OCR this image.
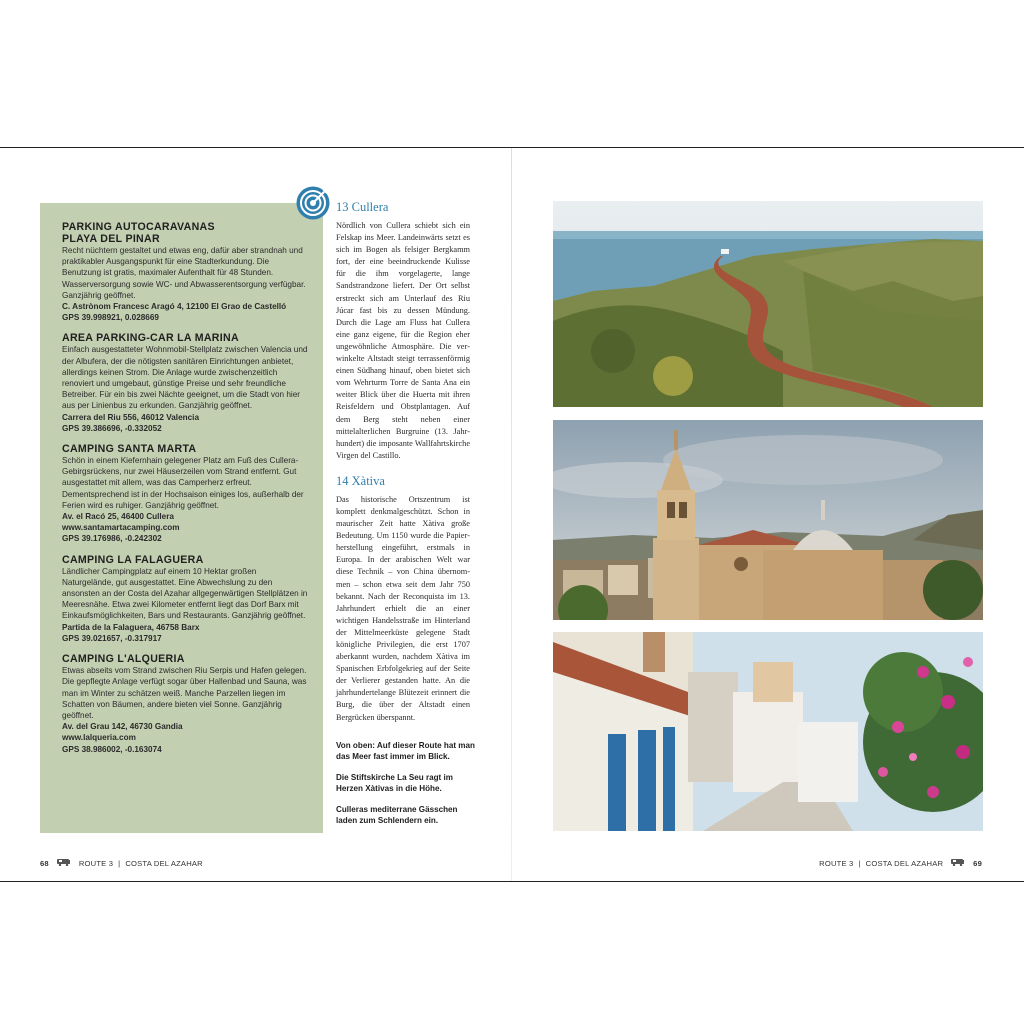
PARKING AUTOCARAVANAS
PLAYA DEL PINAR

Recht nüchtern gestaltet und etwas eng, dafür aber strandnah und praktikabler Ausgangspunkt für eine Stadterkundung. Die Benutzung ist gratis, maximaler Aufenthalt für 48 Stunden. Wasserversorgung sowie WC- und Abwasserentsorgung verfügbar. Ganzjährig geöffnet.

C. Astrònom Francesc Aragó 4, 12100 El Grao de Castelló

GPS 39.998921, 0.028669

AREA PARKING-CAR LA MARINA

Einfach ausgestatteter Wohnmobil-Stellplatz zwischen Valencia und der Albufera, der die nötigsten sanitären Einrichtungen anbietet, allerdings keinen Strom. Die Anlage wurde zwischenzeitlich renoviert und umgebaut, günstige Preise und sehr freundliche Betreiber. Für ein bis zwei Nächte geeignet, um die Stadt von hier aus per Linienbus zu erkunden. Ganzjährig geöffnet.

Carrera del Riu 556, 46012 Valencia

GPS 39.386696, -0.332052

CAMPING SANTA MARTA

Schön in einem Kiefernhain gelegener Platz am Fuß des Cullera-Gebirgsrückens, nur zwei Häuserzeilen vom Strand entfernt. Gut ausgestattet mit allem, was das Camperherz erfreut. Dementsprechend ist in der Hochsaison einiges los, außerhalb der Ferien wird es ruhiger. Ganzjährig geöffnet.

Av. el Racó 25, 46400 Cullera

www.santamartacamping.com

GPS 39.176986, -0.242302

CAMPING LA FALAGUERA

Ländlicher Campingplatz auf einem 10 Hektar großen Naturgelände, gut ausgestattet. Eine Abwechslung zu den ansonsten an der Costa del Azahar allgegenwärtigen Stellplätzen in Meeresnähe. Etwa zwei Kilometer entfernt liegt das Dorf Barx mit Einkaufsmöglichkeiten, Bars und Restaurants. Ganzjährig geöffnet.

Partida de la Falaguera, 46758 Barx

GPS 39.021657, -0.317917

CAMPING L'ALQUERIA

Etwas abseits vom Strand zwischen Riu Serpis und Hafen gelegen. Die gepflegte Anlage verfügt sogar über Hallenbad und Sauna, was man im Winter zu schätzen weiß. Manche Parzellen liegen im Schatten von Bäumen, andere bieten viel Sonne. Ganzjährig geöffnet.

Av. del Grau 142, 46730 Gandia

www.lalqueria.com

GPS 38.986002, -0.163074

13 Cullera

Nördlich von Cullera schiebt sich ein Felskap ins Meer. Landeinwärts setzt es sich im Bogen als felsiger Bergkamm fort, der eine beeindruckende Kulisse für die ihm vorgelagerte, lange Sandstrandzone liefert. Der Ort selbst erstreckt sich am Unterlauf des Riu Júcar fast bis zu dessen Mündung. Durch die Lage am Fluss hat Cullera eine ganz eigene, für die Region eher ungewöhnliche Atmosphäre. Die verwinkelte Altstadt steigt terrassenförmig einen Südhang hinauf, oben bietet sich vom Wehrturm Torre de Santa Ana ein weiter Blick über die Huerta mit ihren Reisfeldern und Obstplantagen. Auf dem Berg steht neben einer mittelalterlichen Burgruine (13. Jahrhundert) die imposante Wallfahrtskirche Virgen del Castillo.

14 Xàtiva

Das historische Ortszentrum ist komplett denkmalgeschützt. Schon in maurischer Zeit hatte Xàtiva große Bedeutung. Um 1150 wurde die Papierherstellung eingeführt, erstmals in Europa. In der arabischen Welt war diese Technik – von China übernommen – schon etwa seit dem Jahr 750 bekannt. Nach der Reconquista im 13. Jahrhundert erhielt die an einer wichtigen Handelsstraße im Hinterland der Mittelmeerküste gelegene Stadt königliche Privilegien, die erst 1707 aberkannt wurden, nachdem Xàtiva im Spanischen Erbfolgekrieg auf der Seite der Verlierer gestanden hatte. An die jahrhundertelange Blütezeit erinnert die Burg, die über der Altstadt einen Bergrücken überspannt.

Von oben: Auf dieser Route hat man das Meer fast immer im Blick.

Die Stiftskirche La Seu ragt im Herzen Xàtivas in die Höhe.

Culleras mediterrane Gässchen laden zum Schlendern ein.

68	ROUTE 3 | COSTA DEL AZAHAR	ROUTE 3 | COSTA DEL AZAHAR	69
